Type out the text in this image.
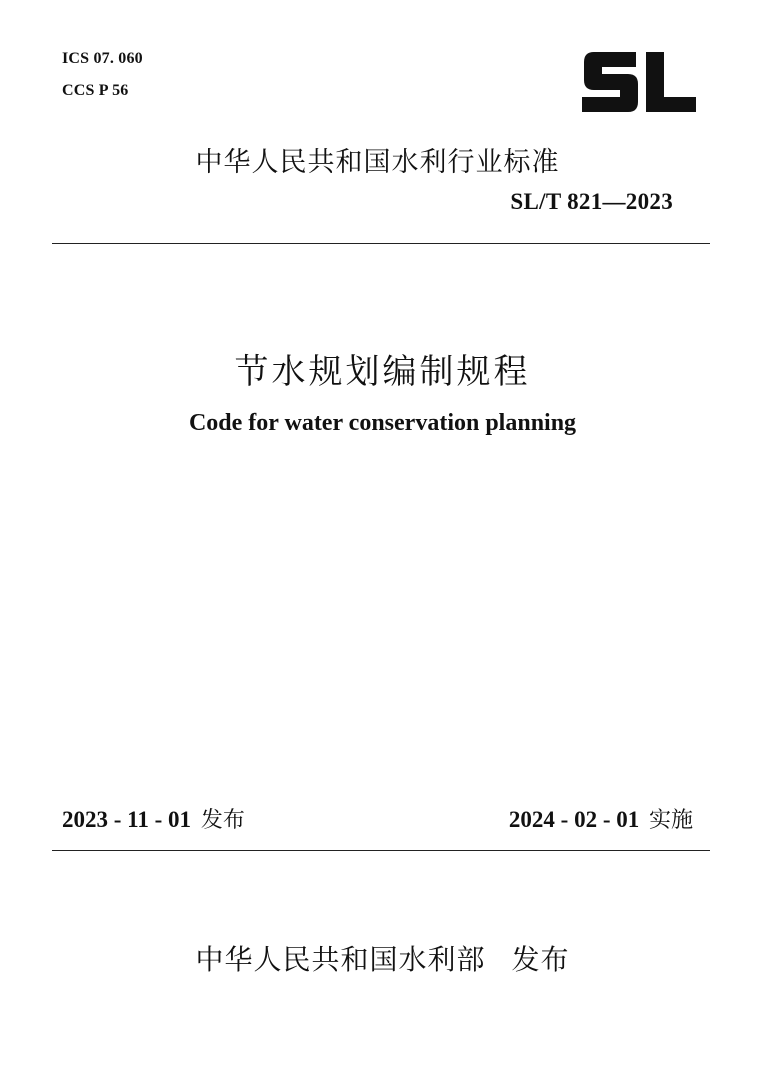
ICS 07. 060
CCS P 56
中华人民共和国水利行业标准
SL/T 821—2023
节水规划编制规程
Code for water conservation planning
2023 - 11 - 01 发布	2024 - 02 - 01 实施
中华人民共和国水利部 发布
